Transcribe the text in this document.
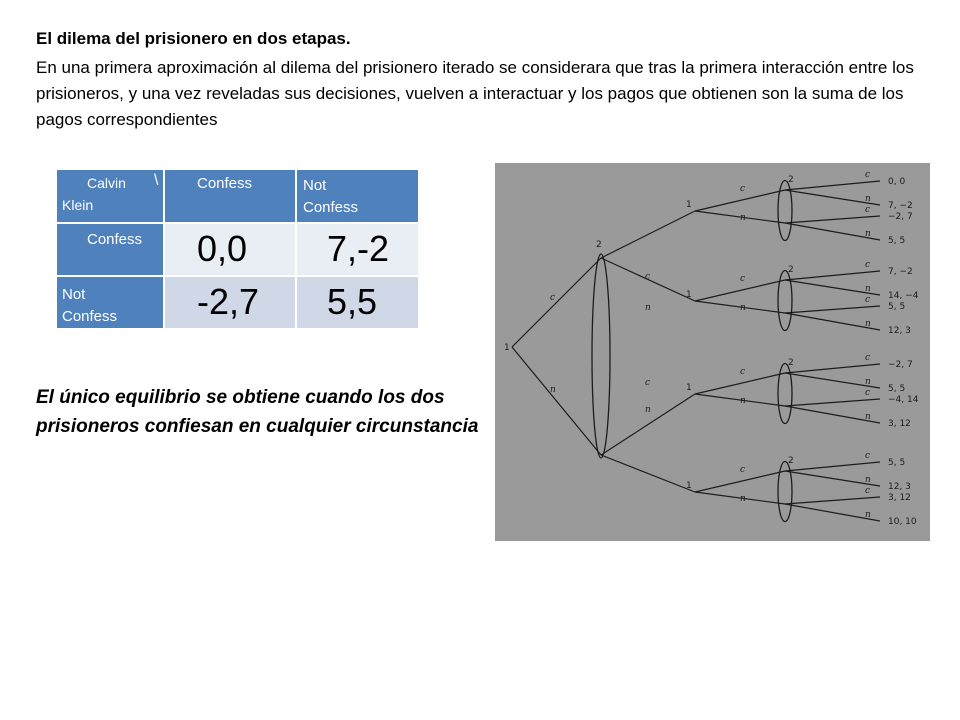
El dilema del prisionero en dos etapas.
En una primera aproximación al dilema del prisionero iterado se considerara que tras la primera interacción entre los prisioneros, y una vez reveladas sus decisiones, vuelven a interactuar y los pagos que obtienen son la suma de los pagos correspondientes
Calvin \
Klein	Confess	Not Confess

Confess	0,0	7,-2

Not Confess	-2,7	5,5
El único equilibrio se obtiene cuando los dos prisioneros confiesan en cualquier circunstancia
1
c
n
2
c
n
c
n
1
c
n
2	c
0, 0
n
7, −2
c
−2, 7
n
5, 5
1
c
n
2	c
7, −2
n
14, −4
c
5, 5
n
12, 3
1
c
n
2	c
−2, 7
n
5, 5
c
−4, 14
n
3, 12
1
c
n
2	c
5, 5
n
12, 3
c
3, 12
n
10, 10
